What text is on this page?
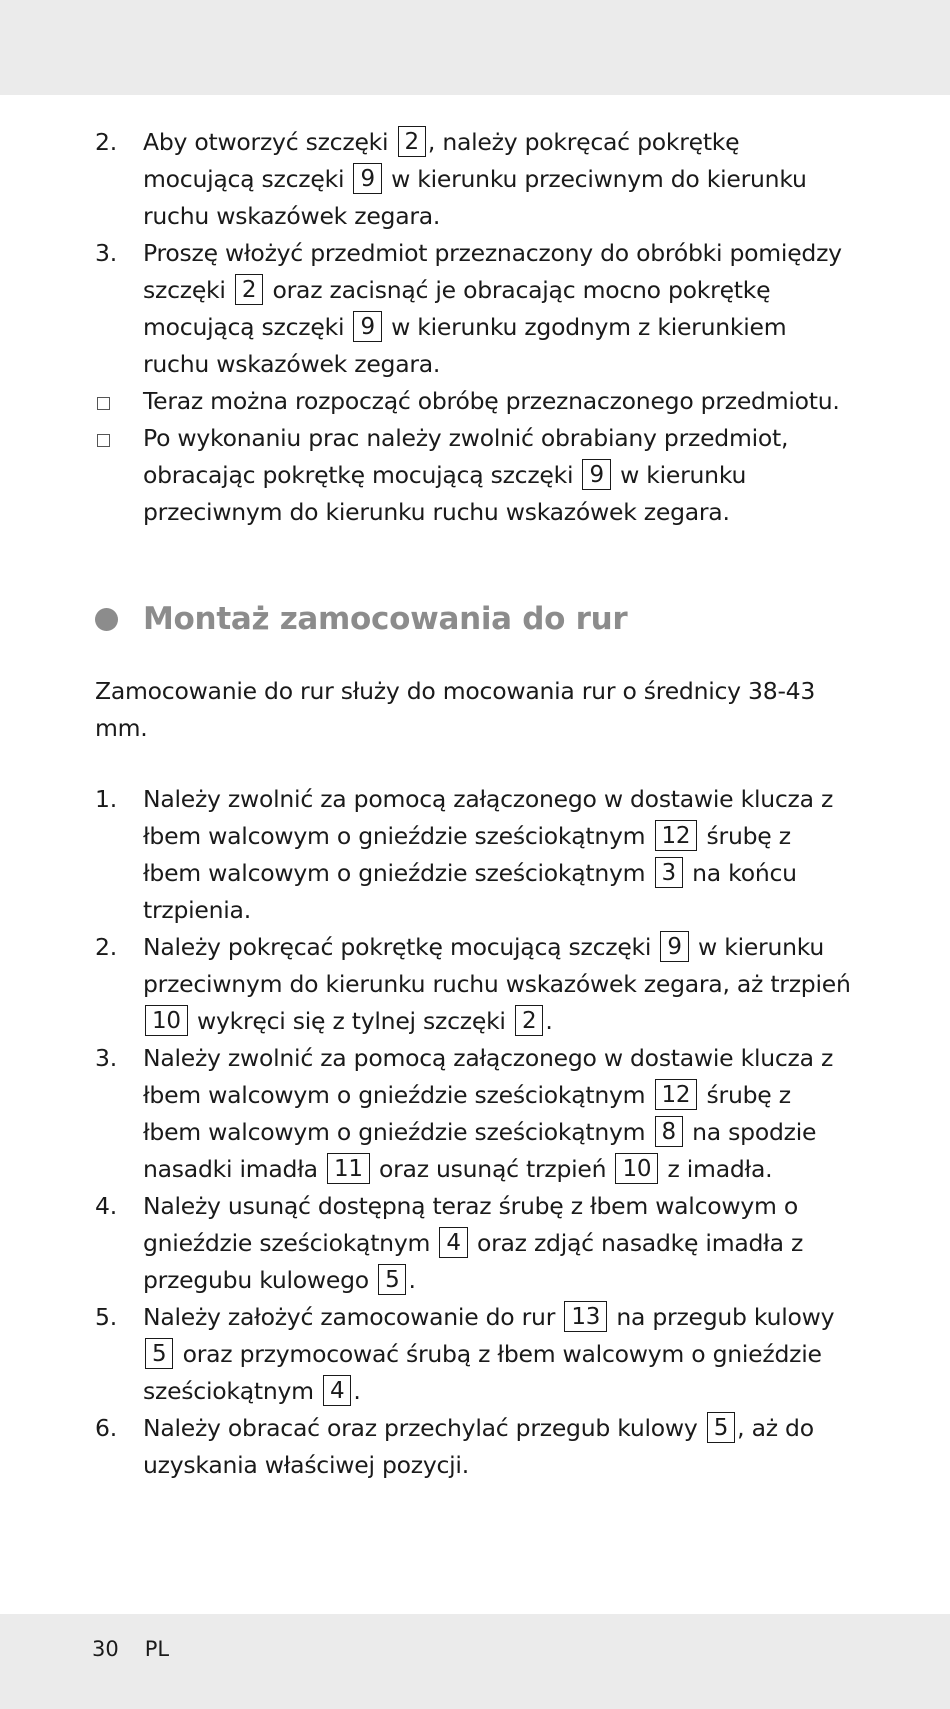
2. Aby otworzyć szczęki 2 , należy pokręcać pokrętkę mocującą szczęki 9 w kierunku przeciwnym do kierunku ruchu wskazówek zegara.
3. Proszę włożyć przedmiot przeznaczony do obróbki pomiędzy szczęki 2 oraz zacisnąć je obracając mocno pokrętkę mocującą szczęki 9 w kierunku zgodnym z kierunkiem ruchu wskazówek zegara.
Teraz można rozpocząć obróbę przeznaczonego przedmiotu.
Po wykonaniu prac należy zwolnić obrabiany przedmiot, obracając pokrętkę mocującą szczęki 9 w kierunku przeciwnym do kierunku ruchu wskazówek zegara.
Montaż zamocowania do rur
Zamocowanie do rur służy do mocowania rur o średnicy 38-43 mm.
1. Należy zwolnić za pomocą załączonego w dostawie klucza z łbem walcowym o gnieździe sześciokątnym 12 śrubę z łbem walcowym o gnieździe sześciokątnym 3 na końcu trzpienia.
2. Należy pokręcać pokrętkę mocującą szczęki 9 w kierunku przeciwnym do kierunku ruchu wskazówek zegara, aż trzpień 10 wykręci się z tylnej szczęki 2 .
3. Należy zwolnić za pomocą załączonego w dostawie klucza z łbem walcowym o gnieździe sześciokątnym 12 śrubę z łbem walcowym o gnieździe sześciokątnym 8 na spodzie nasadki imadła 11 oraz usunąć trzpień 10 z imadła.
4. Należy usunąć dostępną teraz śrubę z łbem walcowym o gnieździe sześciokątnym 4 oraz zdjąć nasadkę imadła z przegubu kulowego 5 .
5. Należy założyć zamocowanie do rur 13 na przegub kulowy 5 oraz przymocować śrubą z łbem walcowym o gnieździe sześciokątnym 4 .
6. Należy obracać oraz przechylać przegub kulowy 5 , aż do uzyskania właściwej pozycji.
30 PL
